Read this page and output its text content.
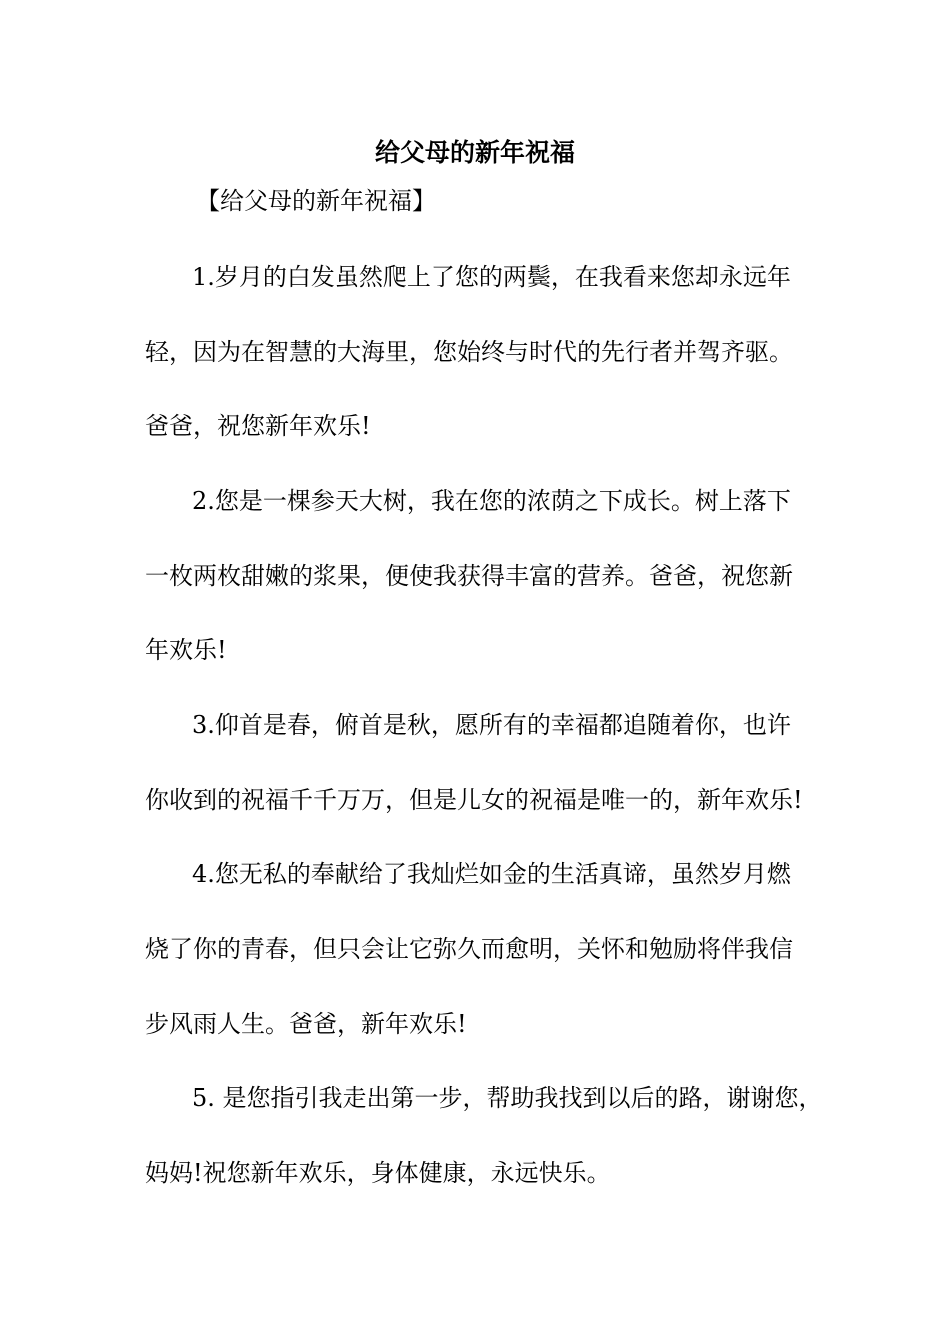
给父母的新年祝福

【给父母的新年祝福】

1.岁月的白发虽然爬上了您的两鬓，在我看来您却永远年

轻，因为在智慧的大海里，您始终与时代的先行者并驾齐驱。

爸爸，祝您新年欢乐!

2.您是一棵参天大树，我在您的浓荫之下成长。树上落下

一枚两枚甜嫩的浆果，便使我获得丰富的营养。爸爸，祝您新

年欢乐!

3.仰首是春，俯首是秋，愿所有的幸福都追随着你，也许

你收到的祝福千千万万，但是儿女的祝福是唯一的，新年欢乐!

4.您无私的奉献给了我灿烂如金的生活真谛，虽然岁月燃

烧了你的青春，但只会让它弥久而愈明，关怀和勉励将伴我信

步风雨人生。爸爸，新年欢乐!

5. 是您指引我走出第一步，帮助我找到以后的路，谢谢您，

妈妈!祝您新年欢乐，身体健康，永远快乐。
